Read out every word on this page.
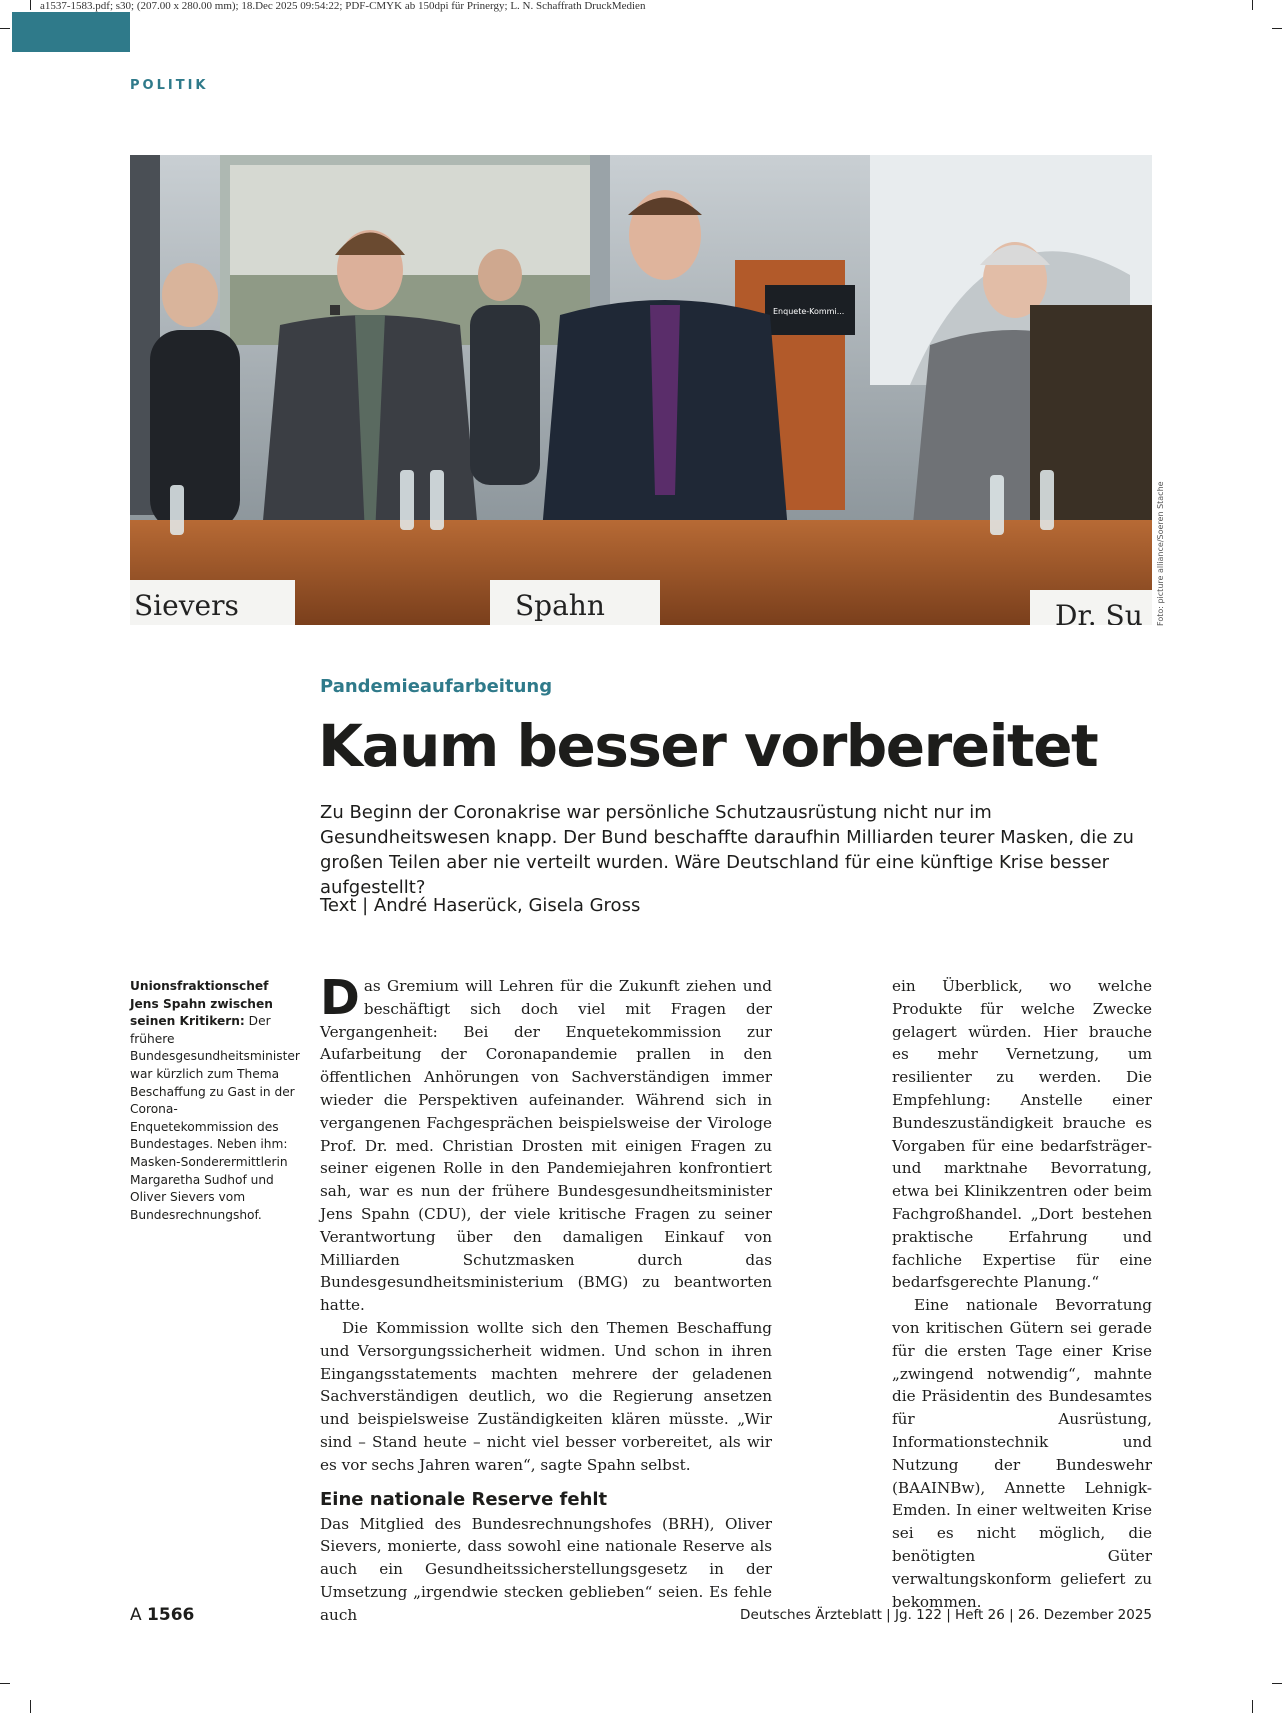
a1537-1583.pdf; s30; (207.00 x 280.00 mm); 18.Dec 2025 09:54:22; PDF-CMYK ab 150dpi für Prinergy; L. N. Schaffrath DruckMedien
POLITIK
Enquete-Kommi...
Sievers	Spahn	Dr. Su Foto: picture alliance/Soeren Stache
Pandemieaufarbeitung
Kaum besser vorbereitet
Zu Beginn der Coronakrise war persönliche Schutzausrüstung nicht nur im Gesundheitswesen knapp. Der Bund beschaffte daraufhin Milliarden teurer Masken, die zu großen Teilen aber nie verteilt wurden. Wäre Deutschland für eine künftige Krise besser aufgestellt?
Text | André Haserück, Gisela Gross
Unionsfraktionschef Jens Spahn zwischen seinen Kritikern: Der frühere Bundesgesundheitsminister war kürzlich zum Thema Beschaffung zu Gast in der Corona-Enquetekommission des Bundestages. Neben ihm: Masken-Sonderermittlerin Margaretha Sudhof und Oliver Sievers vom Bundesrechnungshof.

Das Gremium will Lehren für die Zukunft ziehen und beschäftigt sich doch viel mit Fragen der Vergangenheit: Bei der Enquetekommission zur Aufarbeitung der Coronapandemie prallen in den öffentlichen Anhörungen von Sachverständigen immer wieder die Perspektiven aufeinander. Während sich in vergangenen Fachgesprächen beispielsweise der Virologe Prof. Dr. med. Christian Drosten mit einigen Fragen zu seiner eigenen Rolle in den Pandemiejahren konfrontiert sah, war es nun der frühere Bundesgesundheitsminister Jens Spahn (CDU), der viele kritische Fragen zu seiner Verantwortung über den damaligen Einkauf von Milliarden Schutzmasken durch das Bundesgesundheitsministerium (BMG) zu beantworten hatte.

Die Kommission wollte sich den Themen Beschaffung und Versorgungssicherheit widmen. Und schon in ihren Eingangsstatements machten mehrere der geladenen Sachverständigen deutlich, wo die Regierung ansetzen und beispielsweise Zuständigkeiten klären müsste. „Wir sind – Stand heute – nicht viel besser vorbereitet, als wir es vor sechs Jahren waren“, sagte Spahn selbst.

Eine nationale Reserve fehlt

Das Mitglied des Bundesrechnungshofes (BRH), Oliver Sievers, monierte, dass sowohl eine nationale Reserve als auch ein Gesundheitssicherstellungsgesetz in der Umsetzung „irgendwie stecken geblieben“ seien. Es fehle auch

ein Überblick, wo welche Produkte für welche Zwecke gelagert würden. Hier brauche es mehr Vernetzung, um resilienter zu werden. Die Empfehlung: Anstelle einer Bundeszuständigkeit brauche es Vorgaben für eine bedarfsträger- und marktnahe Bevorratung, etwa bei Klinikzentren oder beim Fachgroßhandel. „Dort bestehen praktische Erfahrung und fachliche Expertise für eine bedarfsgerechte Planung.“

Eine nationale Bevorratung von kritischen Gütern sei gerade für die ersten Tage einer Krise „zwingend notwendig“, mahnte die Präsidentin des Bundesamtes für Ausrüstung, Informationstechnik und Nutzung der Bundeswehr (BAAINBw), Annette Lehnigk-Emden. In einer weltweiten Krise sei es nicht möglich, die benötigten Güter verwaltungskonform geliefert zu bekommen.

A 1566	Deutsches Ärzteblatt | Jg. 122 | Heft 26 | 26. Dezember 2025
